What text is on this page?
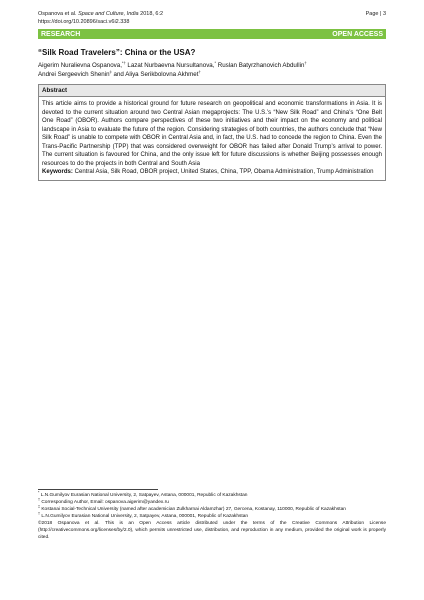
Ospanova et al. Space and Culture, India 2018, 6:2	Page | 3
https://doi.org/10.20896/saci.v6i2.338
RESEARCH	OPEN ACCESS
“Silk Road Travelers”: China or the USA?
Aigerim Nuralievna Ospanova,*† Lazat Nurbaevna Nursultanova,* Ruslan Batyrzhanovich Abdullin†
Andrei Sergeevich Shenin‡ and Aliya Serikbolovna Akhmet†
Abstract
This article aims to provide a historical ground for future research on geopolitical and economic transformations in Asia. It is devoted to the current situation around two Central Asian megaprojects: The U.S.’s “New Silk Road” and China’s “One Belt One Road” (OBOR). Authors compare perspectives of these two initiatives and their impact on the economy and political landscape in Asia to evaluate the future of the region. Considering strategies of both countries, the authors conclude that “New Silk Road” is unable to compete with OBOR in Central Asia and, in fact, the U.S. had to concede the region to China. Even the Trans-Pacific Partnership (TPP) that was considered overweight for OBOR has failed after Donald Trump’s arrival to power. The current situation is favoured for China, and the only issue left for future discussions is whether Beijing possesses enough resources to do the projects in both Central and South Asia
Keywords: Central Asia, Silk Road, OBOR project, United States, China, TPP, Obama Administration, Trump Administration
* L.N.Gumilyov Eurasian National University, 2, Satpayev, Astana, 000001, Republic of Kazakhstan
† Corresponding Author, Email: ospanova.aigerim@yandex.ru
‡ Kostanai Social-Technical University (named after academician Zulkharnai Aldamzhar) 27, Gercena, Kostanay, 110000, Republic of Kazakhstan
† L.N.Gumilyov Eurasian National University, 2, Satpayev, Astana, 000001, Republic of Kazakhstan
©2018 Ospanova et al. This is an Open Access article distributed under the terms of the Creative Commons Attribution License (http://creativecommons.org/licenses/by/2.0), which permits unrestricted use, distribution, and reproduction in any medium, provided the original work is properly cited.
